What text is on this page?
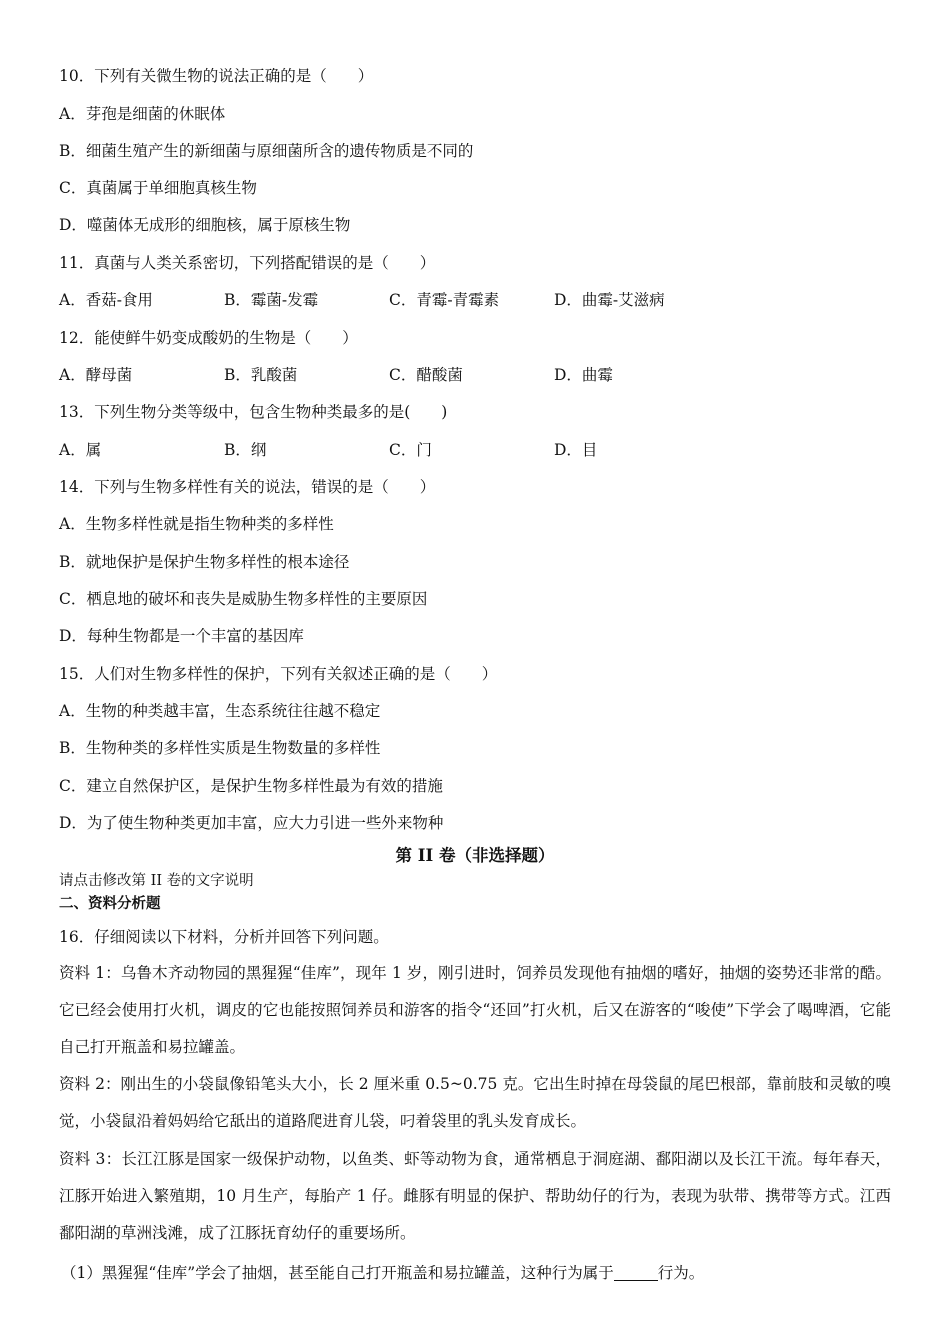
10．下列有关微生物的说法正确的是（　　）
A．芽孢是细菌的休眠体
B．细菌生殖产生的新细菌与原细菌所含的遗传物质是不同的
C．真菌属于单细胞真核生物
D．噬菌体无成形的细胞核，属于原核生物
11．真菌与人类关系密切，下列搭配错误的是（　　）
A．香菇-食用	B．霉菌-发霉	C．青霉-青霉素	D．曲霉-艾滋病
12．能使鲜牛奶变成酸奶的生物是（　　）
A．酵母菌	B．乳酸菌	C．醋酸菌	D．曲霉
13．下列生物分类等级中，包含生物种类最多的是(　　)
A．属	B．纲	C．门	D．目
14．下列与生物多样性有关的说法，错误的是（　　）
A．生物多样性就是指生物种类的多样性
B．就地保护是保护生物多样性的根本途径
C．栖息地的破坏和丧失是威胁生物多样性的主要原因
D．每种生物都是一个丰富的基因库
15．人们对生物多样性的保护，下列有关叙述正确的是（　　）
A．生物的种类越丰富，生态系统往往越不稳定
B．生物种类的多样性实质是生物数量的多样性
C．建立自然保护区，是保护生物多样性最为有效的措施
D．为了使生物种类更加丰富，应大力引进一些外来物种
第 II 卷（非选择题）
请点击修改第 II 卷的文字说明
二、资料分析题
16．仔细阅读以下材料，分析并回答下列问题。
资料 1：乌鲁木齐动物园的黑猩猩“佳库”，现年 1 岁，刚引进时，饲养员发现他有抽烟的嗜好，抽烟的姿势还非常的酷。它已经会使用打火机，调皮的它也能按照饲养员和游客的指令“还回”打火机，后又在游客的“唆使”下学会了喝啤酒，它能自己打开瓶盖和易拉罐盖。
资料 2：刚出生的小袋鼠像铅笔头大小，长 2 厘米重 0.5~0.75 克。它出生时掉在母袋鼠的尾巴根部，靠前肢和灵敏的嗅觉，小袋鼠沿着妈妈给它舐出的道路爬进育儿袋，叼着袋里的乳头发育成长。
资料 3：长江江豚是国家一级保护动物，以鱼类、虾等动物为食，通常栖息于洞庭湖、鄱阳湖以及长江干流。每年春天，江豚开始进入繁殖期，10 月生产，每胎产 1 仔。雌豚有明显的保护、帮助幼仔的行为，表现为驮带、携带等方式。江西鄱阳湖的草洲浅滩，成了江豚抚育幼仔的重要场所。
（1）黑猩猩“佳库”学会了抽烟，甚至能自己打开瓶盖和易拉罐盖，这种行为属于	行为。
